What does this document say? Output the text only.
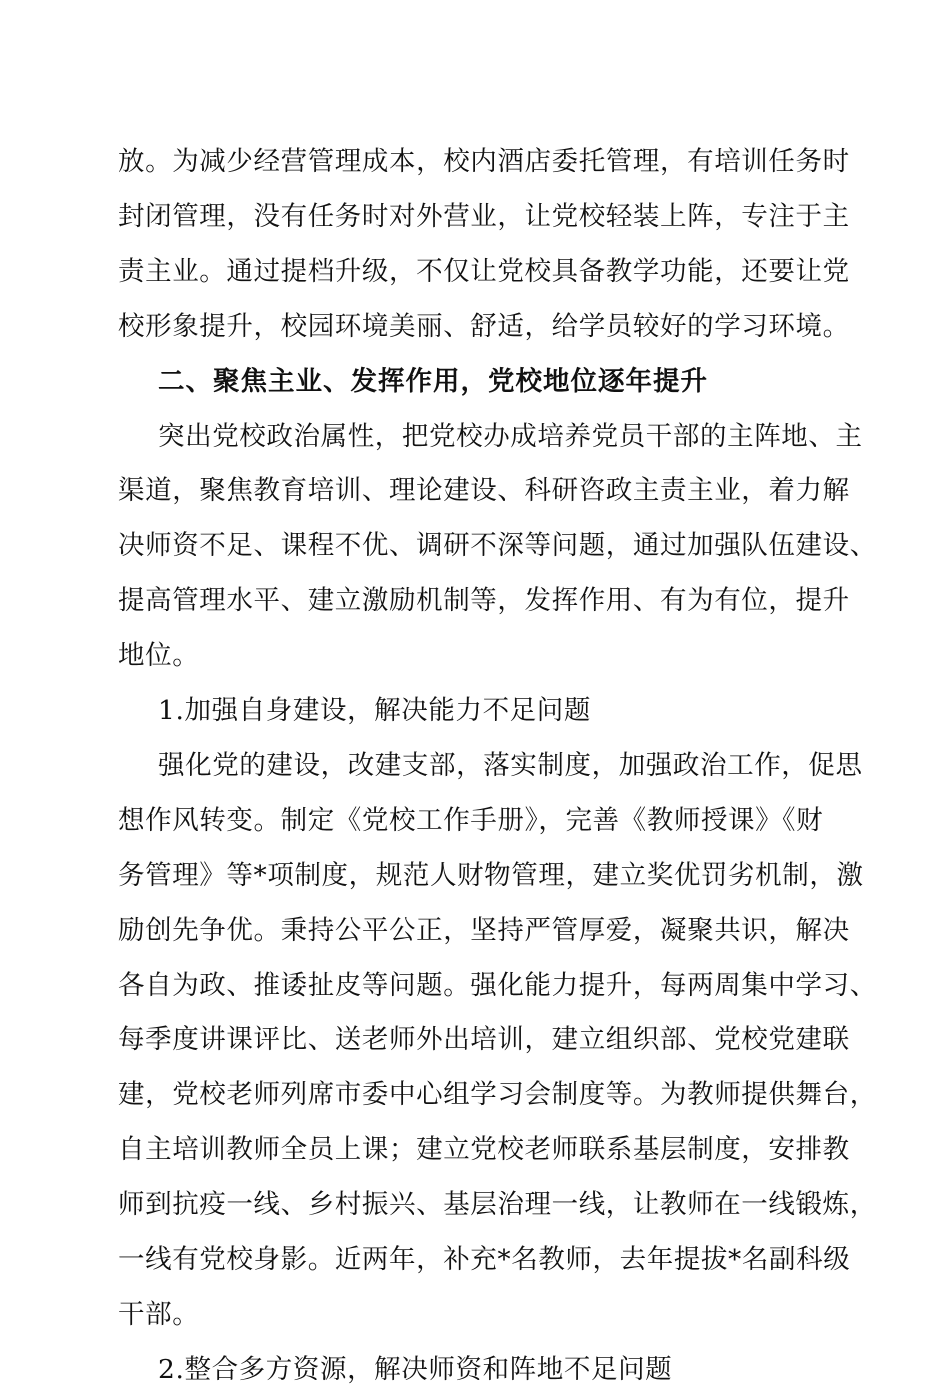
放。为减少经营管理成本，校内酒店委托管理，有培训任务时
封闭管理，没有任务时对外营业，让党校轻装上阵，专注于主
责主业。通过提档升级，不仅让党校具备教学功能，还要让党
校形象提升，校园环境美丽、舒适，给学员较好的学习环境。
二、聚焦主业、发挥作用，党校地位逐年提升
突出党校政治属性，把党校办成培养党员干部的主阵地、主
渠道，聚焦教育培训、理论建设、科研咨政主责主业，着力解
决师资不足、课程不优、调研不深等问题，通过加强队伍建设、
提高管理水平、建立激励机制等，发挥作用、有为有位，提升
地位。
1.加强自身建设，解决能力不足问题
强化党的建设，改建支部，落实制度，加强政治工作，促思
想作风转变。制定《党校工作手册》，完善《教师授课》《财
务管理》等*项制度，规范人财物管理，建立奖优罚劣机制，激
励创先争优。秉持公平公正，坚持严管厚爱，凝聚共识，解决
各自为政、推诿扯皮等问题。强化能力提升，每两周集中学习、
每季度讲课评比、送老师外出培训，建立组织部、党校党建联
建，党校老师列席市委中心组学习会制度等。为教师提供舞台，
自主培训教师全员上课；建立党校老师联系基层制度，安排教
师到抗疫一线、乡村振兴、基层治理一线，让教师在一线锻炼，
一线有党校身影。近两年，补充*名教师，去年提拔*名副科级
干部。
2.整合多方资源，解决师资和阵地不足问题
